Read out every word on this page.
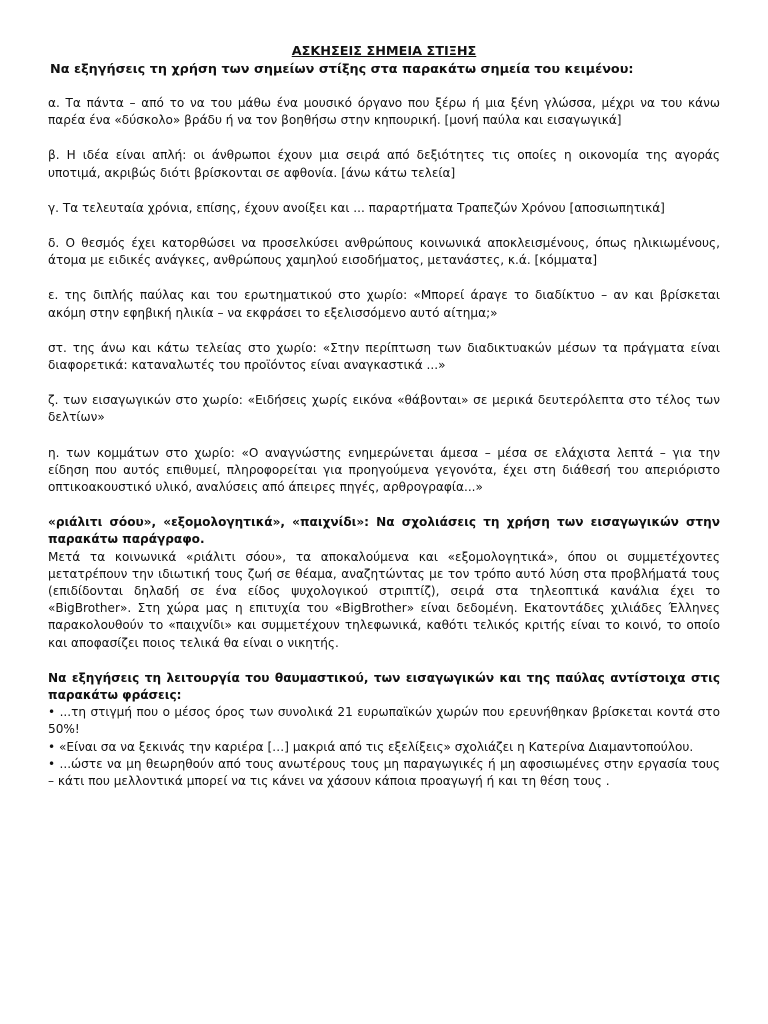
ΑΣΚΗΣΕΙΣ ΣΗΜΕΙΑ ΣΤΙΞΗΣ
Να εξηγήσεις τη χρήση των σημείων στίξης στα παρακάτω σημεία του κειμένου:

α. Τα πάντα – από το να του μάθω ένα μουσικό όργανο που ξέρω ή μια ξένη γλώσσα, μέχρι να του κάνω παρέα ένα «δύσκολο» βράδυ ή να τον βοηθήσω στην κηπουρική. [μονή παύλα και εισαγωγικά]

β. Η ιδέα είναι απλή: οι άνθρωποι έχουν μια σειρά από δεξιότητες τις οποίες η οικονομία της αγοράς υποτιμά, ακριβώς διότι βρίσκονται σε αφθονία. [άνω κάτω τελεία]

γ. Τα τελευταία χρόνια, επίσης, έχουν ανοίξει και ... παραρτήματα Τραπεζών Χρόνου [αποσιωπητικά]

δ. Ο θεσμός έχει κατορθώσει να προσελκύσει ανθρώπους κοινωνικά αποκλεισμένους, όπως ηλικιωμένους, άτομα με ειδικές ανάγκες, ανθρώπους χαμηλού εισοδήματος, μετανάστες, κ.ά. [κόμματα]

ε. της διπλής παύλας και του ερωτηματικού στο χωρίο: «Μπορεί άραγε το διαδίκτυο – αν και βρίσκεται ακόμη στην εφηβική ηλικία – να εκφράσει το εξελισσόμενο αυτό αίτημα;»

στ. της άνω και κάτω τελείας στο χωρίο: «Στην περίπτωση των διαδικτυακών μέσων τα πράγματα είναι διαφορετικά: καταναλωτές του προϊόντος είναι αναγκαστικά ...»

ζ. των εισαγωγικών στο χωρίο: «Ειδήσεις χωρίς εικόνα «θάβονται» σε μερικά δευτερόλεπτα στο τέλος των δελτίων»

η. των κομμάτων στο χωρίο: «Ο αναγνώστης ενημερώνεται άμεσα – μέσα σε ελάχιστα λεπτά – για την είδηση που αυτός επιθυμεί, πληροφορείται για προηγούμενα γεγονότα, έχει στη διάθεσή του απεριόριστο οπτικοακουστικό υλικό, αναλύσεις από άπειρες πηγές, αρθρογραφία...»

«ριάλιτι σόου», «εξομολογητικά», «παιχνίδι»: Να σχολιάσεις τη χρήση των εισαγωγικών στην παρακάτω παράγραφο.

Μετά τα κοινωνικά «ριάλιτι σόου», τα αποκαλούμενα και «εξομολογητικά», όπου οι συμμετέχοντες μετατρέπουν την ιδιωτική τους ζωή σε θέαμα, αναζητώντας με τον τρόπο αυτό λύση στα προβλήματά τους (επιδίδονται δηλαδή σε ένα είδος ψυχολογικού στριπτίζ), σειρά στα τηλεοπτικά κανάλια έχει το «BigBrother». Στη χώρα μας η επιτυχία του «BigBrother» είναι δεδομένη. Εκατοντάδες χιλιάδες Έλληνες παρακολουθούν το «παιχνίδι» και συμμετέχουν τηλεφωνικά, καθότι τελικός κριτής είναι το κοινό, το οποίο και αποφασίζει ποιος τελικά θα είναι ο νικητής.

Να εξηγήσεις τη λειτουργία του θαυμαστικού, των εισαγωγικών και της παύλας αντίστοιχα στις παρακάτω φράσεις:

• ...τη στιγμή που ο μέσος όρος των συνολικά 21 ευρωπαϊκών χωρών που ερευνήθηκαν βρίσκεται κοντά στο 50%!
• «Είναι σα να ξεκινάς την καριέρα […] μακριά από τις εξελίξεις» σχολιάζει η Κατερίνα Διαμαντοπούλου.
• ...ώστε να μη θεωρηθούν από τους ανωτέρους τους μη παραγωγικές ή μη αφοσιωμένες στην εργασία τους – κάτι που μελλοντικά μπορεί να τις κάνει να χάσουν κάποια προαγωγή ή και τη θέση τους .
